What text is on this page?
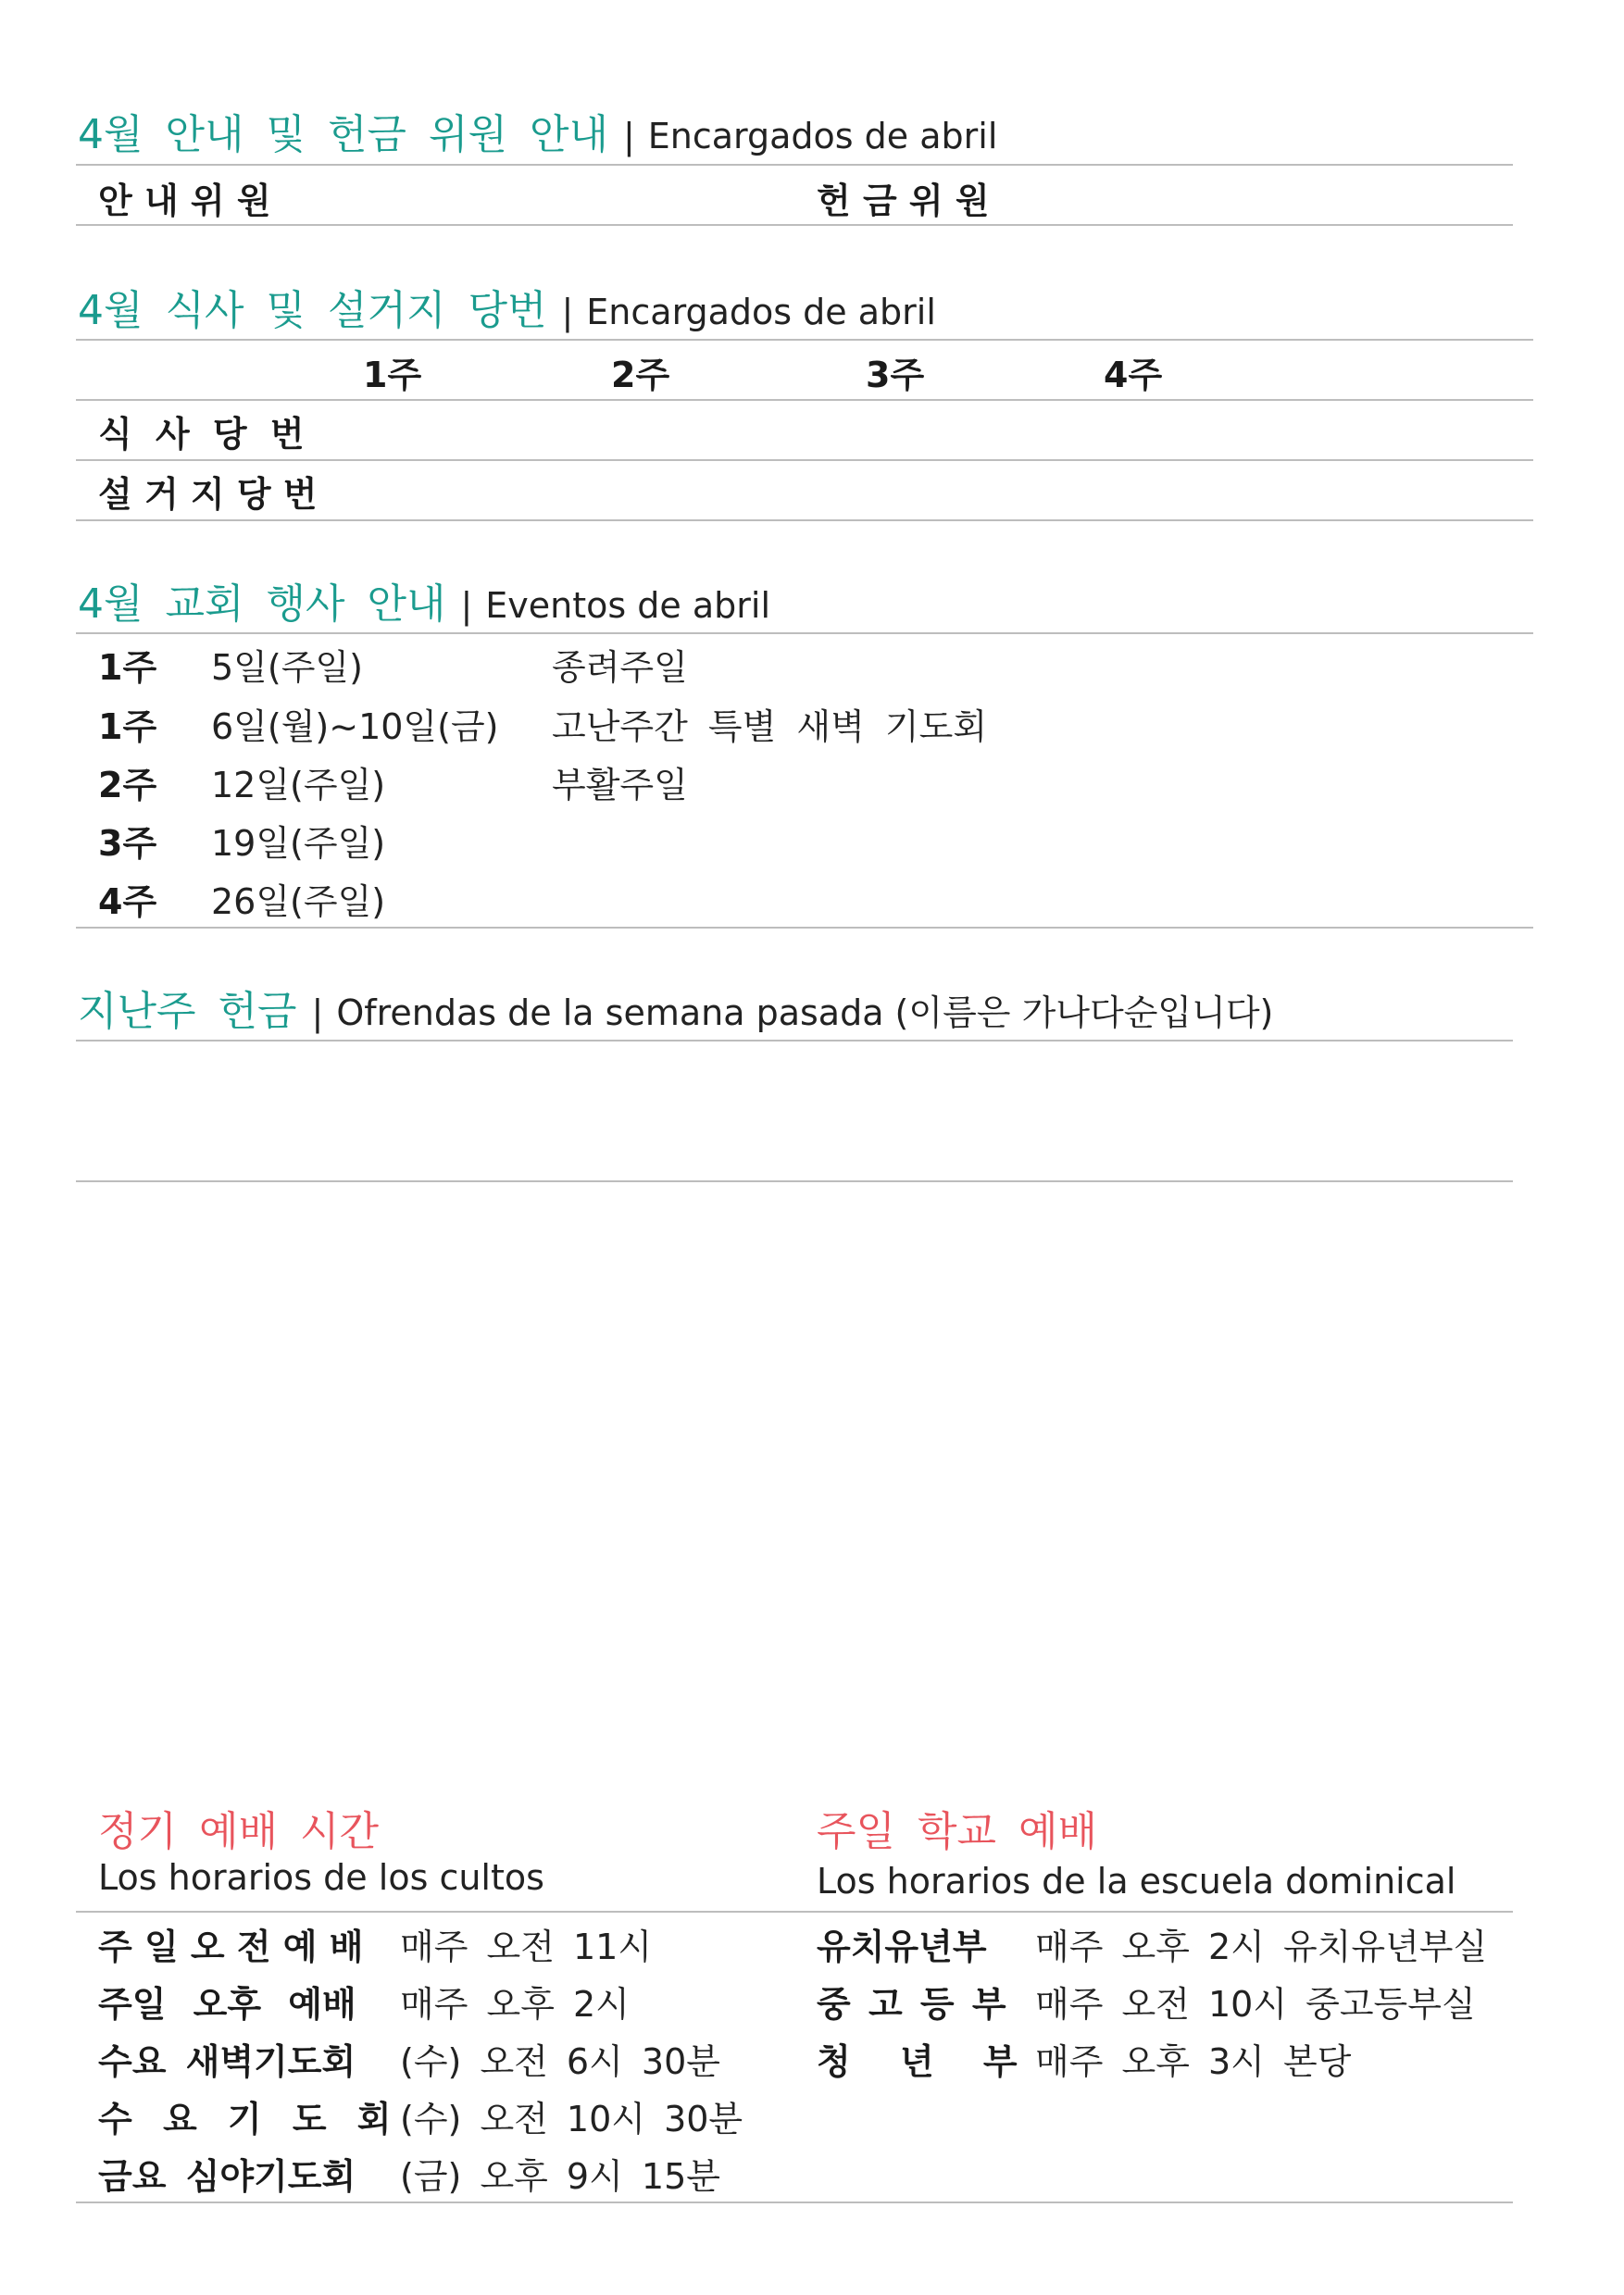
4월 안내 및 헌금 위원 안내 | Encargados de abril
안 내 위 원	헌 금 위 원
4월 식사 및 설거지 당번 | Encargados de abril
1주	2주	3주	4주
식 사 당 번
설 거 지 당 번
4월 교회 행사 안내 | Eventos de abril
1주 5일(주일)	종려주일
1주 6일(월)~10일(금) 고난주간 특별 새벽 기도회
2주 12일(주일)	부활주일
3주 19일(주일)
4주 26일(주일)
지난주 헌금 | Ofrendas de la semana pasada (이름은 가나다순입니다)
정기 예배 시간
Los horarios de los cultos
주일 학교 예배
Los horarios de la escuela dominical
주 일 오 전 예 배 매주 오전 11시
주일 오후 예배 매주 오후 2시
수요 새벽기도회 (수) 오전 6시 30분
수 요 기 도 회 (수) 오전 10시 30분
금요 심야기도회 (금) 오후 9시 15분
유치유년부 매주 오후 2시 유치유년부실
중 고 등 부 매주 오전 10시 중고등부실
청 년 부 매주 오후 3시 본당
